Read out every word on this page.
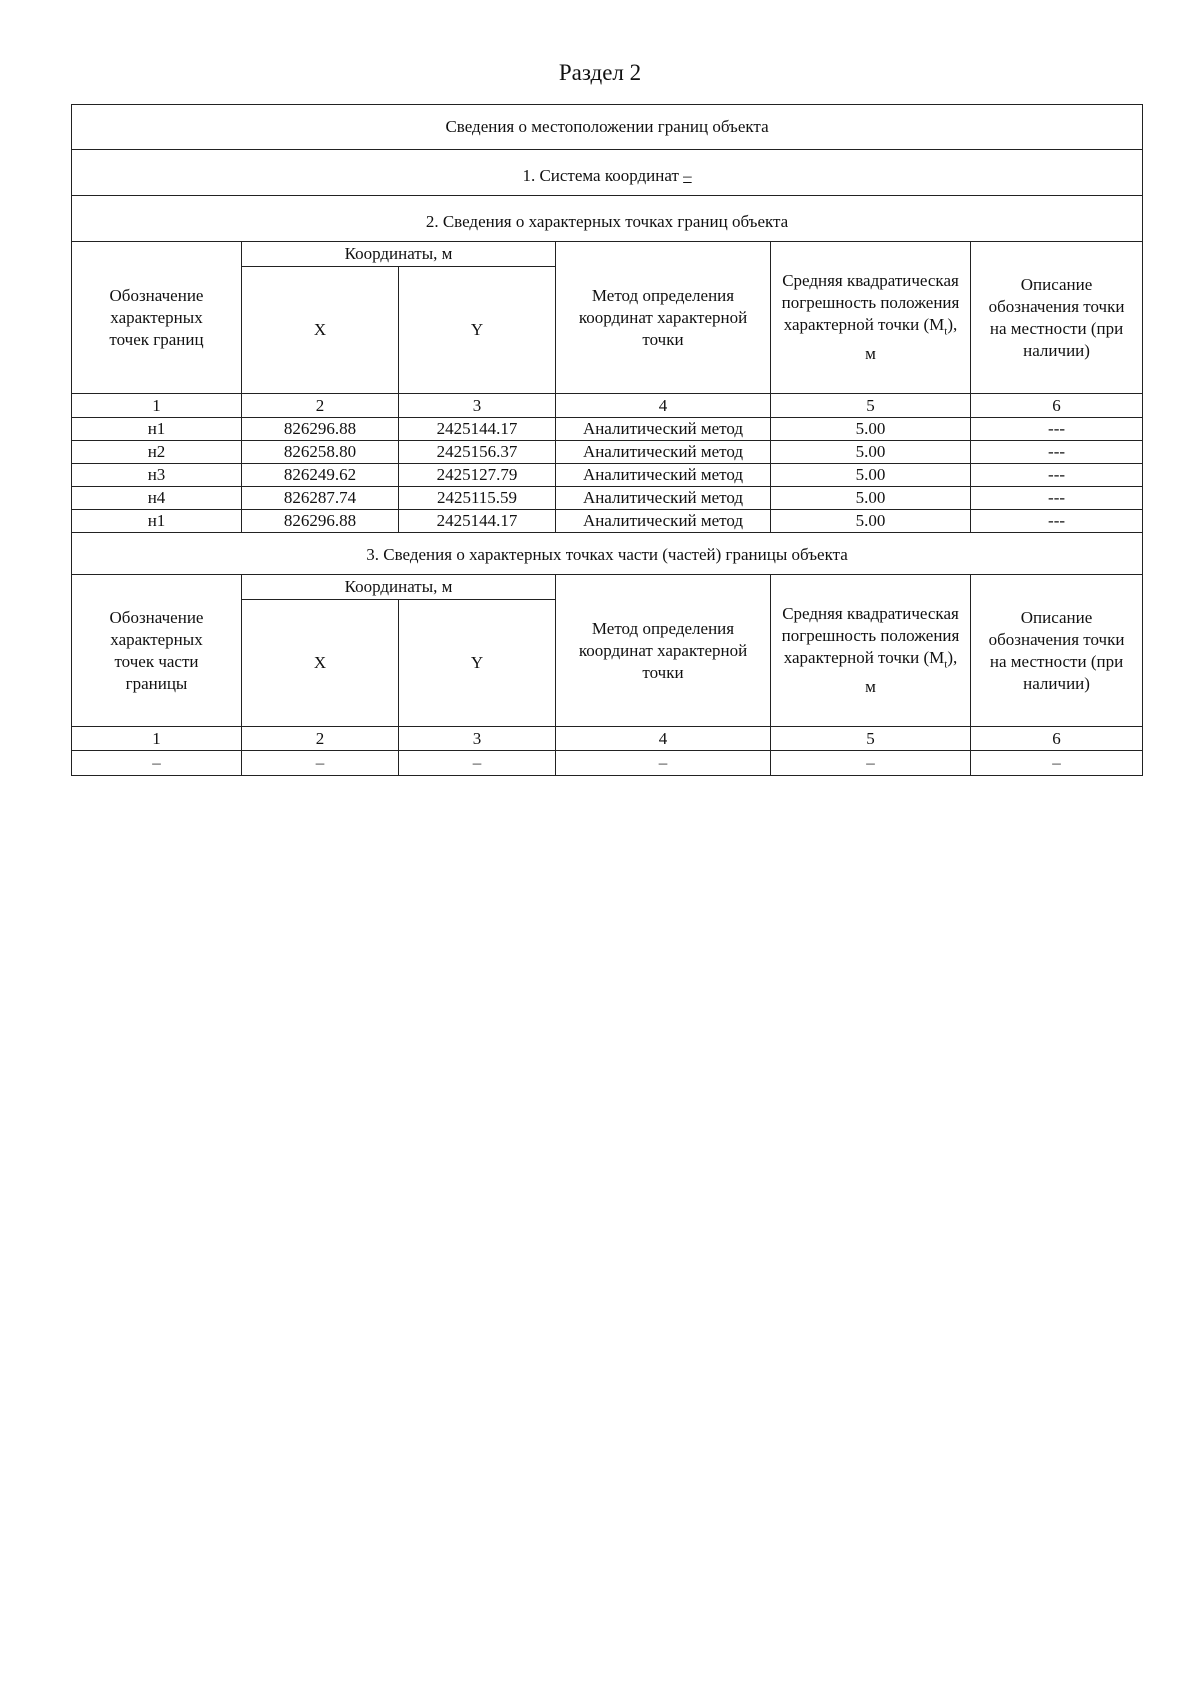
Раздел 2
Сведения о местоположении границ объекта					
1. Система координат –					
2. Сведения о характерных точках границ объекта					
Обозначение характерных точек границ	Координаты, м		Метод определения координат характерной точки	Средняя квадратическая погрешность положения характерной точки $(M_t)$, м	Описание обозначения точки на местности (при наличии)
	X	Y			
1	2	3	4	5	6
н1	826296.88	2425144.17	Аналитический метод	5.00	---
н2	826258.80	2425156.37	Аналитический метод	5.00	---
н3	826249.62	2425127.79	Аналитический метод	5.00	---
н4	826287.74	2425115.59	Аналитический метод	5.00	---
н1	826296.88	2425144.17	Аналитический метод	5.00	---
3. Сведения о характерных точках части (частей) границы объекта					
Обозначение характерных точек части границы	Координаты, м		Метод определения координат характерной точки	Средняя квадратическая погрешность положения характерной точки $(M_t)$, м	Описание обозначения точки на местности (при наличии)
	X	Y			
1	2	3	4	5	6
–	–	–	–	–	–
